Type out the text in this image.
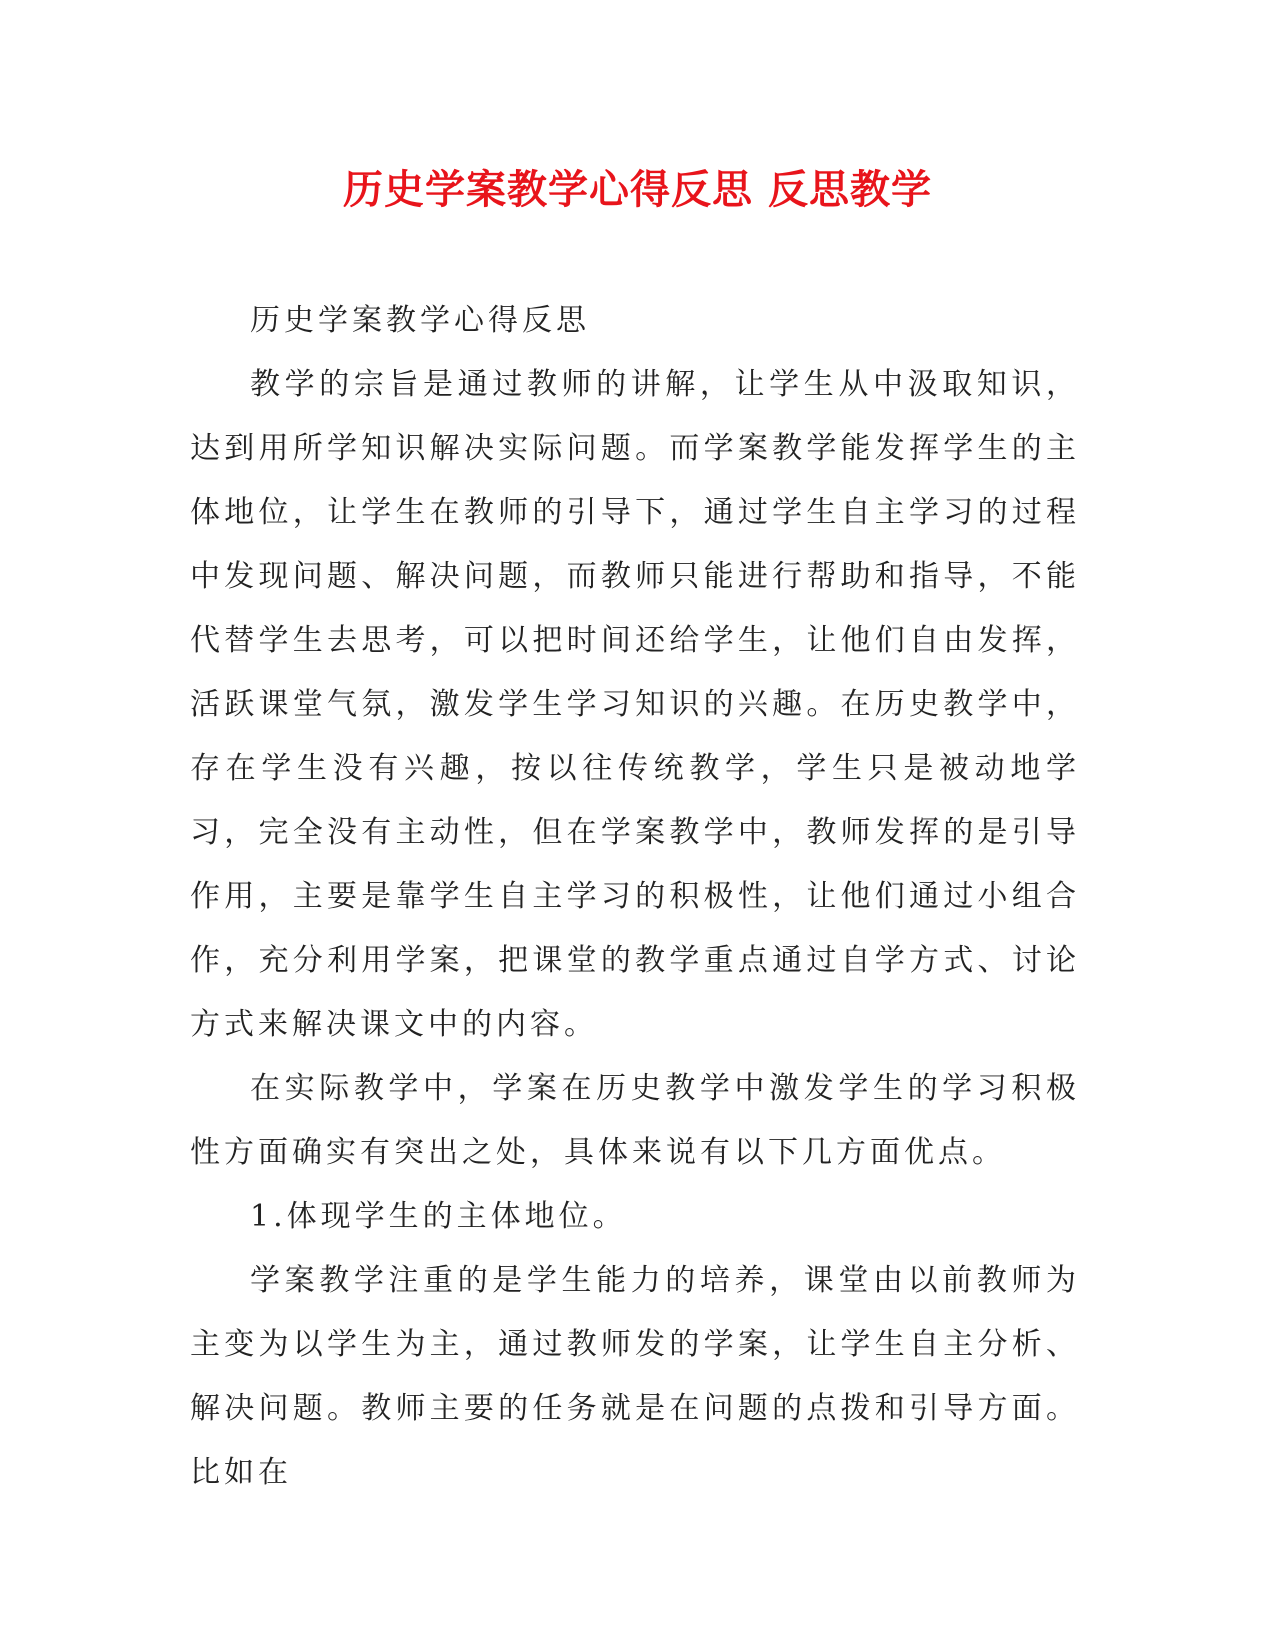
历史学案教学心得反思 反思教学

历史学案教学心得反思

教学的宗旨是通过教师的讲解，让学生从中汲取知识，达到用所学知识解决实际问题。而学案教学能发挥学生的主体地位，让学生在教师的引导下，通过学生自主学习的过程中发现问题、解决问题，而教师只能进行帮助和指导，不能代替学生去思考，可以把时间还给学生，让他们自由发挥，活跃课堂气氛，激发学生学习知识的兴趣。在历史教学中，存在学生没有兴趣，按以往传统教学，学生只是被动地学习，完全没有主动性，但在学案教学中，教师发挥的是引导作用，主要是靠学生自主学习的积极性，让他们通过小组合作，充分利用学案，把课堂的教学重点通过自学方式、讨论方式来解决课文中的内容。

在实际教学中，学案在历史教学中激发学生的学习积极性方面确实有突出之处，具体来说有以下几方面优点。

1.体现学生的主体地位。

学案教学注重的是学生能力的培养，课堂由以前教师为主变为以学生为主，通过教师发的学案，让学生自主分析、解决问题。教师主要的任务就是在问题的点拨和引导方面。比如在
